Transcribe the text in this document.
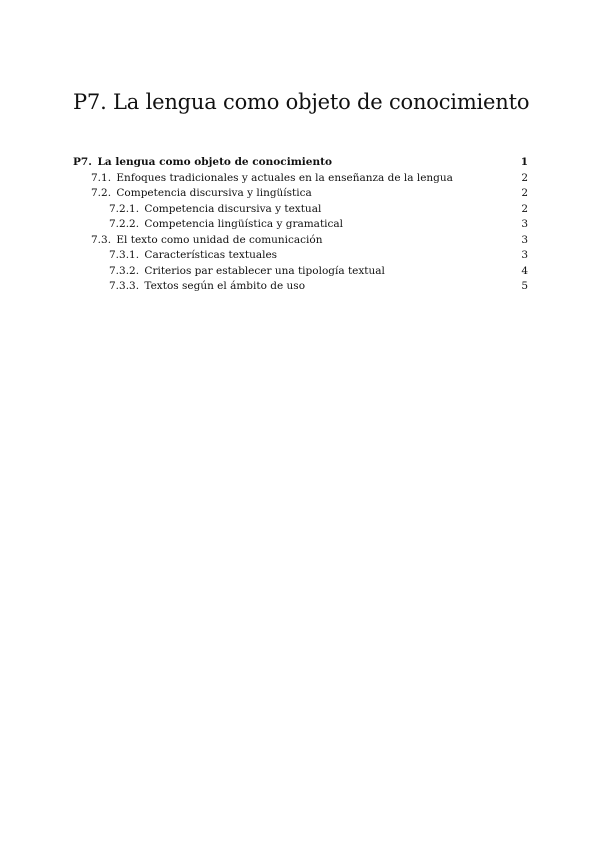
P7. La lengua como objeto de conocimiento
P7. La lengua como objeto de conocimiento	1
7.1. Enfoques tradicionales y actuales en la enseñanza de la lengua	2
7.2. Competencia discursiva y lingüística	2
7.2.1. Competencia discursiva y textual	2
7.2.2. Competencia lingüística y gramatical	3
7.3. El texto como unidad de comunicación	3
7.3.1. Características textuales	3
7.3.2. Criterios par establecer una tipología textual	4
7.3.3. Textos según el ámbito de uso	5
